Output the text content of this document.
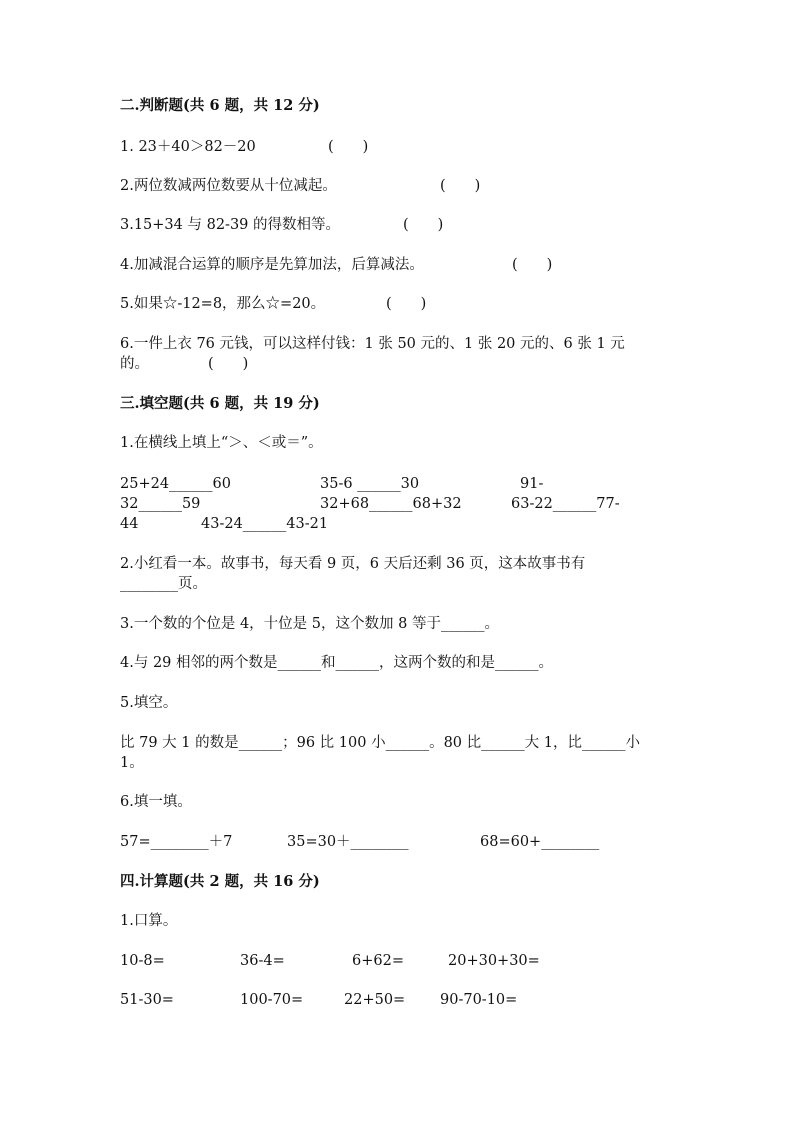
二.判断题(共 6 题，共 12 分)
1. 23＋40＞82－20	(　　)
2.两位数减两位数要从十位减起。	(　　)
3.15+34 与 82-39 的得数相等。	(　　)
4.加减混合运算的顺序是先算加法，后算减法。	(　　)
5.如果☆-12=8，那么☆=20。	(　　)
6.一件上衣 76 元钱，可以这样付钱：1 张 50 元的、1 张 20 元的、6 张 1 元
的。	(　　)
三.填空题(共 6 题，共 19 分)
1.在横线上填上“＞、＜或＝”。
25+24______60	35-6 ______30	91-
32______59	32+68______68+32	63-22______77-
44	43-24______43-21
2.小红看一本。故事书，每天看 9 页，6 天后还剩 36 页，这本故事书有
________页。
3.一个数的个位是 4，十位是 5，这个数加 8 等于______。
4.与 29 相邻的两个数是______和______，这两个数的和是______。
5.填空。
比 79 大 1 的数是______；96 比 100 小______。80 比______大 1，比______小
1。
6.填一填。
57=________＋7	35=30＋________	68=60+________
四.计算题(共 2 题，共 16 分)
1.口算。
10-8=	36-4=	6+62=	20+30+30=
51-30=	100-70=	22+50= 90-70-10=
